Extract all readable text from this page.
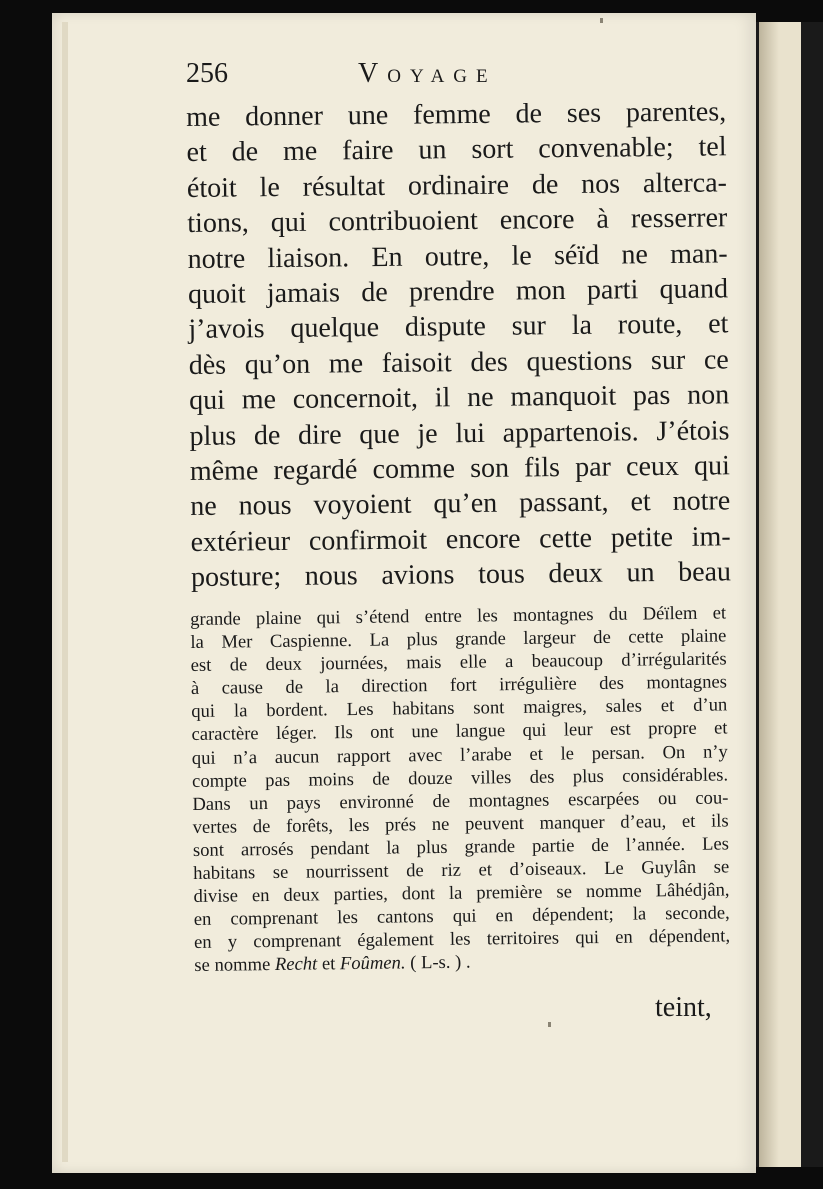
256	VOYAGE
me donner une femme de ses parentes,
et de me faire un sort convenable; tel
étoit le résultat ordinaire de nos alterca-
tions, qui contribuoient encore à resserrer
notre liaison. En outre, le séïd ne man-
quoit jamais de prendre mon parti quand
j’avois quelque dispute sur la route, et
dès qu’on me faisoit des questions sur ce
qui me concernoit, il ne manquoit pas non
plus de dire que je lui appartenois. J’étois
même regardé comme son fils par ceux qui
ne nous voyoient qu’en passant, et notre
extérieur confirmoit encore cette petite im-
posture; nous avions tous deux un beau
grande plaine qui s’étend entre les montagnes du Déïlem et
la Mer Caspienne. La plus grande largeur de cette plaine
est de deux journées, mais elle a beaucoup d’irrégularités
à cause de la direction fort irrégulière des montagnes
qui la bordent. Les habitans sont maigres, sales et d’un
caractère léger. Ils ont une langue qui leur est propre et
qui n’a aucun rapport avec l’arabe et le persan. On n’y
compte pas moins de douze villes des plus considérables.
Dans un pays environné de montagnes escarpées ou cou-
vertes de forêts, les prés ne peuvent manquer d’eau, et ils
sont arrosés pendant la plus grande partie de l’année. Les
habitans se nourrissent de riz et d’oiseaux. Le Guylân se
divise en deux parties, dont la première se nomme Lâhédjân,
en comprenant les cantons qui en dépendent; la seconde,
en y comprenant également les territoires qui en dépendent,
se nomme Recht et Foûmen. ( L-s. ) .
teint,
